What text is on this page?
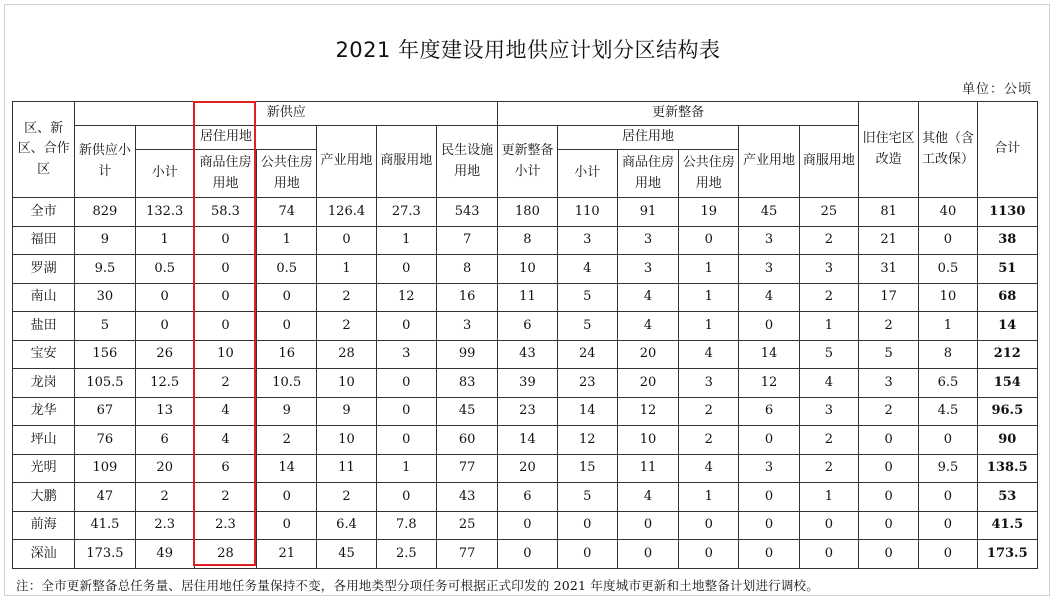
2021 年度建设用地供应计划分区结构表
单位：公顷
区、新区、合作区	新供应							更新整备						旧住宅区改造	其他（含工改保）	合计
	新供应小计	居住用地			产业用地	商服用地	民生设施用地	更新整备小计	居住用地			产业用地	商服用地			
		小计	商品住房用地	公共住房用地					小计	商品住房用地	公共住房用地					
全市	829	132.3	58.3	74	126.4	27.3	543	180	110	91	19	45	25	81	40	1130
福田	9	1	0	1	0	1	7	8	3	3	0	3	2	21	0	38
罗湖	9.5	0.5	0	0.5	1	0	8	10	4	3	1	3	3	31	0.5	51
南山	30	0	0	0	2	12	16	11	5	4	1	4	2	17	10	68
盐田	5	0	0	0	2	0	3	6	5	4	1	0	1	2	1	14
宝安	156	26	10	16	28	3	99	43	24	20	4	14	5	5	8	212
龙岗	105.5	12.5	2	10.5	10	0	83	39	23	20	3	12	4	3	6.5	154
龙华	67	13	4	9	9	0	45	23	14	12	2	6	3	2	4.5	96.5
坪山	76	6	4	2	10	0	60	14	12	10	2	0	2	0	0	90
光明	109	20	6	14	11	1	77	20	15	11	4	3	2	0	9.5	138.5
大鹏	47	2	2	0	2	0	43	6	5	4	1	0	1	0	0	53
前海	41.5	2.3	2.3	0	6.4	7.8	25	0	0	0	0	0	0	0	0	41.5
深汕	173.5	49	28	21	45	2.5	77	0	0	0	0	0	0	0	0	173.5
注：全市更新整备总任务量、居住用地任务量保持不变，各用地类型分项任务可根据正式印发的 2021 年度城市更新和土地整备计划进行调校。
